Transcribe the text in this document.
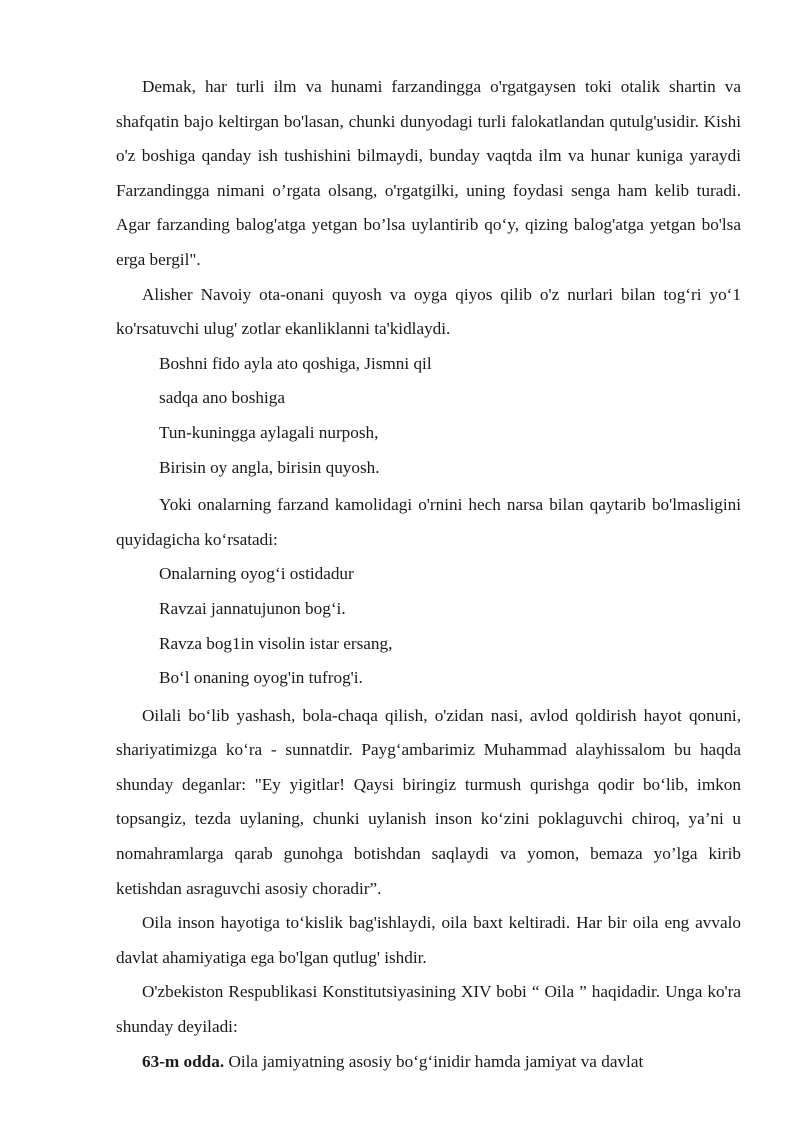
Demak, har turli ilm va hunami farzandingga o'rgatgaysen toki otalik shartin va shafqatin bajo keltirgan bo'lasan, chunki dunyodagi turli falokatlandan qutulg'usidir. Kishi o'z boshiga qanday ish tushishini bilmaydi, bunday vaqtda ilm va hunar kuniga yaraydi Farzandingga nimani o’rgata olsang, o'rgatgilki, uning foydasi senga ham kelib turadi. Agar farzanding balog'atga yetgan bo’lsa uylantirib qo‘y, qizing balog'atga yetgan bo'lsa erga bergil".

Alisher Navoiy ota-onani quyosh va oyga qiyos qilib o'z nurlari bilan tog‘ri yo‘1 ko'rsatuvchi ulug' zotlar ekanliklanni ta'kidlaydi.

Boshni fido ayla ato qoshiga, Jismni qil
sadqa ano boshiga
Tun-kuningga aylagali nurposh,
Birisin oy angla, birisin quyosh.

Yoki onalarning farzand kamolidagi o'rnini hech narsa bilan qaytarib bo'lmasligini quyidagicha ko‘rsatadi:

Onalarning oyog‘i ostidadur
Ravzai jannatujunon bog‘i.
Ravza bog1in visolin istar ersang,
Bo‘l onaning oyog'in tufrog'i.

Oilali bo‘lib yashash, bola-chaqa qilish, o'zidan nasi, avlod qoldirish hayot qonuni, shariyatimizga ko‘ra - sunnatdir. Payg‘ambarimiz Muhammad alayhissalom bu haqda shunday deganlar: "Ey yigitlar! Qaysi biringiz turmush qurishga qodir bo‘lib, imkon topsangiz, tezda uylaning, chunki uylanish inson ko‘zini poklaguvchi chiroq, ya’ni u nomahramlarga qarab gunohga botishdan saqlaydi va yomon, bemaza yo’lga kirib ketishdan asraguvchi asosiy choradir”.

Oila inson hayotiga to‘kislik bag'ishlaydi, oila baxt keltiradi. Har bir oila eng avvalo davlat ahamiyatiga ega bo'lgan qutlug' ishdir.

O'zbekiston Respublikasi Konstitutsiyasining XIV bobi “ Oila ” haqidadir. Unga ko'ra shunday deyiladi:

63-m odda. Oila jamiyatning asosiy bo‘g‘inidir hamda jamiyat va davlat
